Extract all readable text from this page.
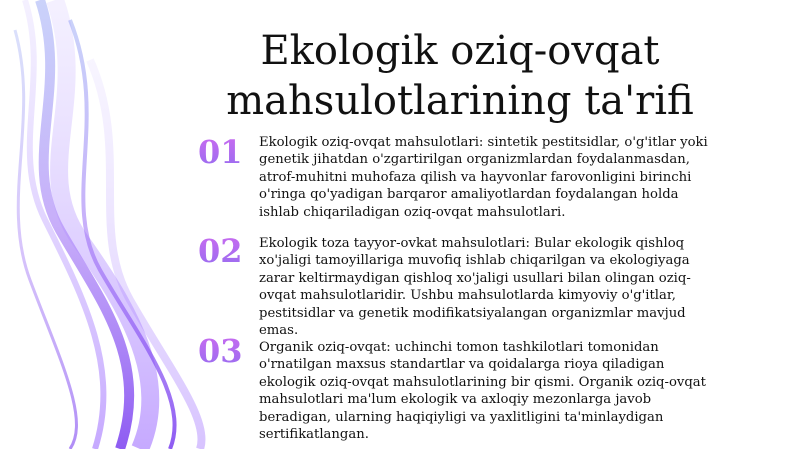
Ekologik oziq-ovqat mahsulotlarining ta'rifi
01	Ekologik oziq-ovqat mahsulotlari: sintetik pestitsidlar, o'g'itlar yoki genetik jihatdan o'zgartirilgan organizmlardan foydalanmasdan, atrof-muhitni muhofaza qilish va hayvonlar farovonligini birinchi o'ringa qo'yadigan barqaror amaliyotlardan foydalangan holda ishlab chiqariladigan oziq-ovqat mahsulotlari.
02	Ekologik toza tayyor-ovkat mahsulotlari: Bular ekologik qishloq xo'jaligi tamoyillariga muvofiq ishlab chiqarilgan va ekologiyaga zarar keltirmaydigan qishloq xo'jaligi usullari bilan olingan oziq-ovqat mahsulotlaridir. Ushbu mahsulotlarda kimyoviy o'g'itlar, pestitsidlar va genetik modifikatsiyalangan organizmlar mavjud emas.
03	Organik oziq-ovqat: uchinchi tomon tashkilotlari tomonidan o'rnatilgan maxsus standartlar va qoidalarga rioya qiladigan ekologik oziq-ovqat mahsulotlarining bir qismi. Organik oziq-ovqat mahsulotlari ma'lum ekologik va axloqiy mezonlarga javob beradigan, ularning haqiqiyligi va yaxlitligini ta'minlaydigan sertifikatlangan.
